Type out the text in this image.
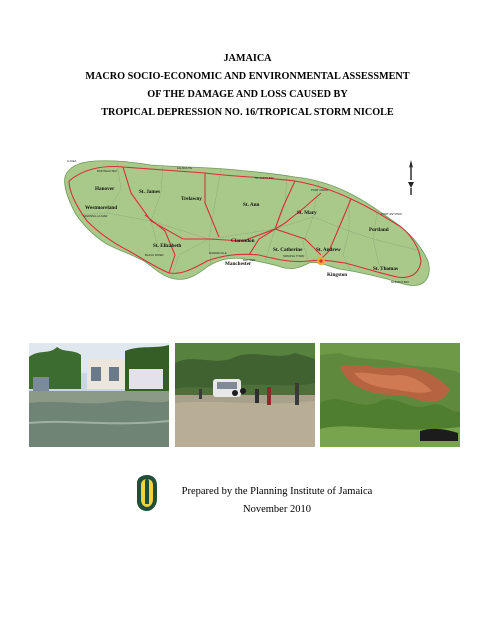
JAMAICA
MACRO SOCIO-ECONOMIC AND ENVIRONMENTAL ASSESSMENT
OF THE DAMAGE AND LOSS CAUSED BY
TROPICAL DEPRESSION NO. 16/TROPICAL STORM NICOLE
Hanover	St. James
Trelawny
St. Ann
Westmoreland
St. Mary
Portland
St. Elizabeth
Clarendon
St. Catherine	St. Andrew
Manchester
Kingston
St. Thomas
LUCEA
MONTEGO BAY
FALMOUTH
ST. ANN'S BAY
PORT MARIA
SAVANNA-LA-MAR	PORT ANTONIO
BLACK RIVER	MANDEVILLE
MAY PEN
SPANISH TOWN
MORANT BAY
Prepared by the Planning Institute of Jamaica
November 2010
